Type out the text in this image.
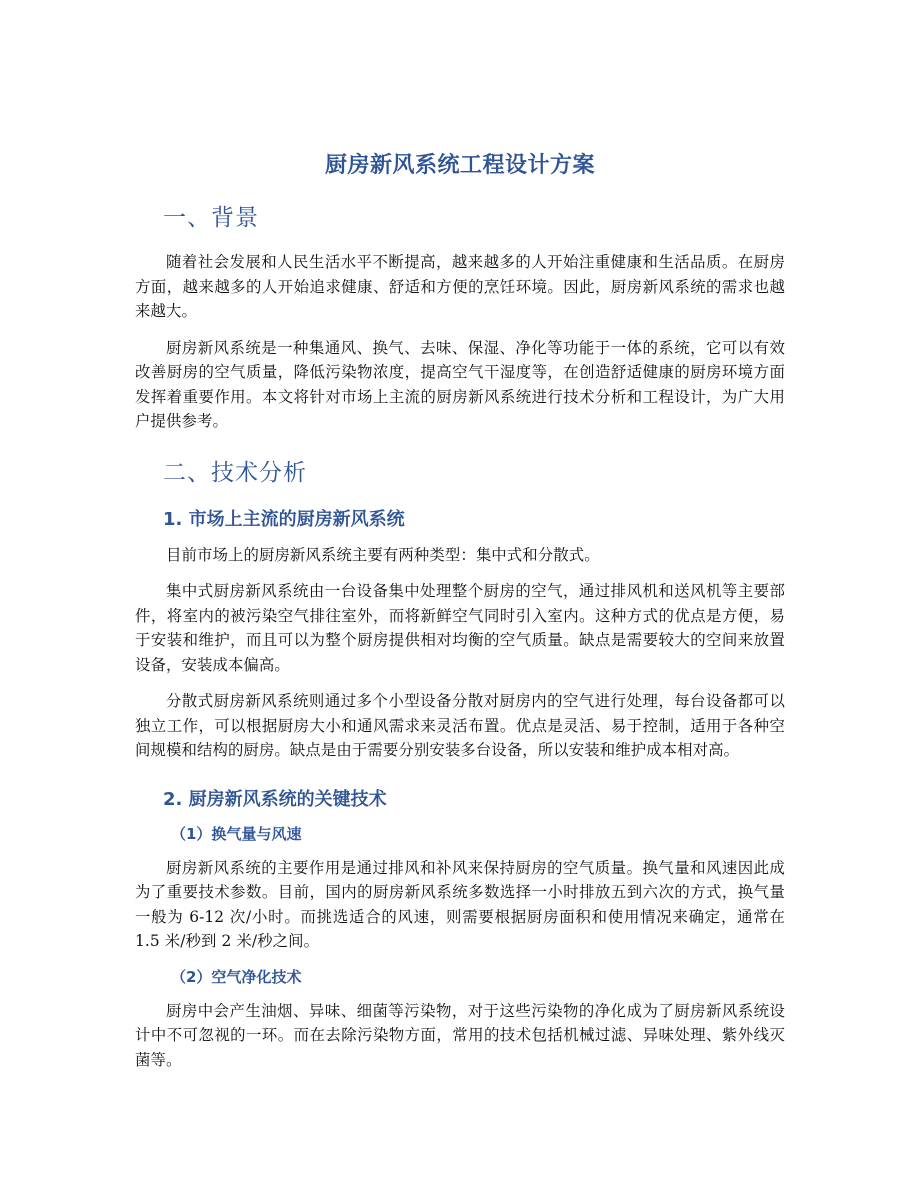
厨房新风系统工程设计方案
一、背景

随着社会发展和人民生活水平不断提高，越来越多的人开始注重健康和生活品质。在厨房方面，越来越多的人开始追求健康、舒适和方便的烹饪环境。因此，厨房新风系统的需求也越来越大。

厨房新风系统是一种集通风、换气、去味、保湿、净化等功能于一体的系统，它可以有效改善厨房的空气质量，降低污染物浓度，提高空气干湿度等，在创造舒适健康的厨房环境方面发挥着重要作用。本文将针对市场上主流的厨房新风系统进行技术分析和工程设计，为广大用户提供参考。

二、技术分析
1. 市场上主流的厨房新风系统

目前市场上的厨房新风系统主要有两种类型：集中式和分散式。

集中式厨房新风系统由一台设备集中处理整个厨房的空气，通过排风机和送风机等主要部件，将室内的被污染空气排往室外，而将新鲜空气同时引入室内。这种方式的优点是方便，易于安装和维护，而且可以为整个厨房提供相对均衡的空气质量。缺点是需要较大的空间来放置设备，安装成本偏高。

分散式厨房新风系统则通过多个小型设备分散对厨房内的空气进行处理，每台设备都可以独立工作，可以根据厨房大小和通风需求来灵活布置。优点是灵活、易于控制，适用于各种空间规模和结构的厨房。缺点是由于需要分别安装多台设备，所以安装和维护成本相对高。

2. 厨房新风系统的关键技术
（1）换气量与风速

厨房新风系统的主要作用是通过排风和补风来保持厨房的空气质量。换气量和风速因此成为了重要技术参数。目前，国内的厨房新风系统多数选择一小时排放五到六次的方式，换气量一般为 6-12 次/小时。而挑选适合的风速，则需要根据厨房面积和使用情况来确定，通常在 1.5 米/秒到 2 米/秒之间。

（2）空气净化技术

厨房中会产生油烟、异味、细菌等污染物，对于这些污染物的净化成为了厨房新风系统设计中不可忽视的一环。而在去除污染物方面，常用的技术包括机械过滤、异味处理、紫外线灭菌等。
